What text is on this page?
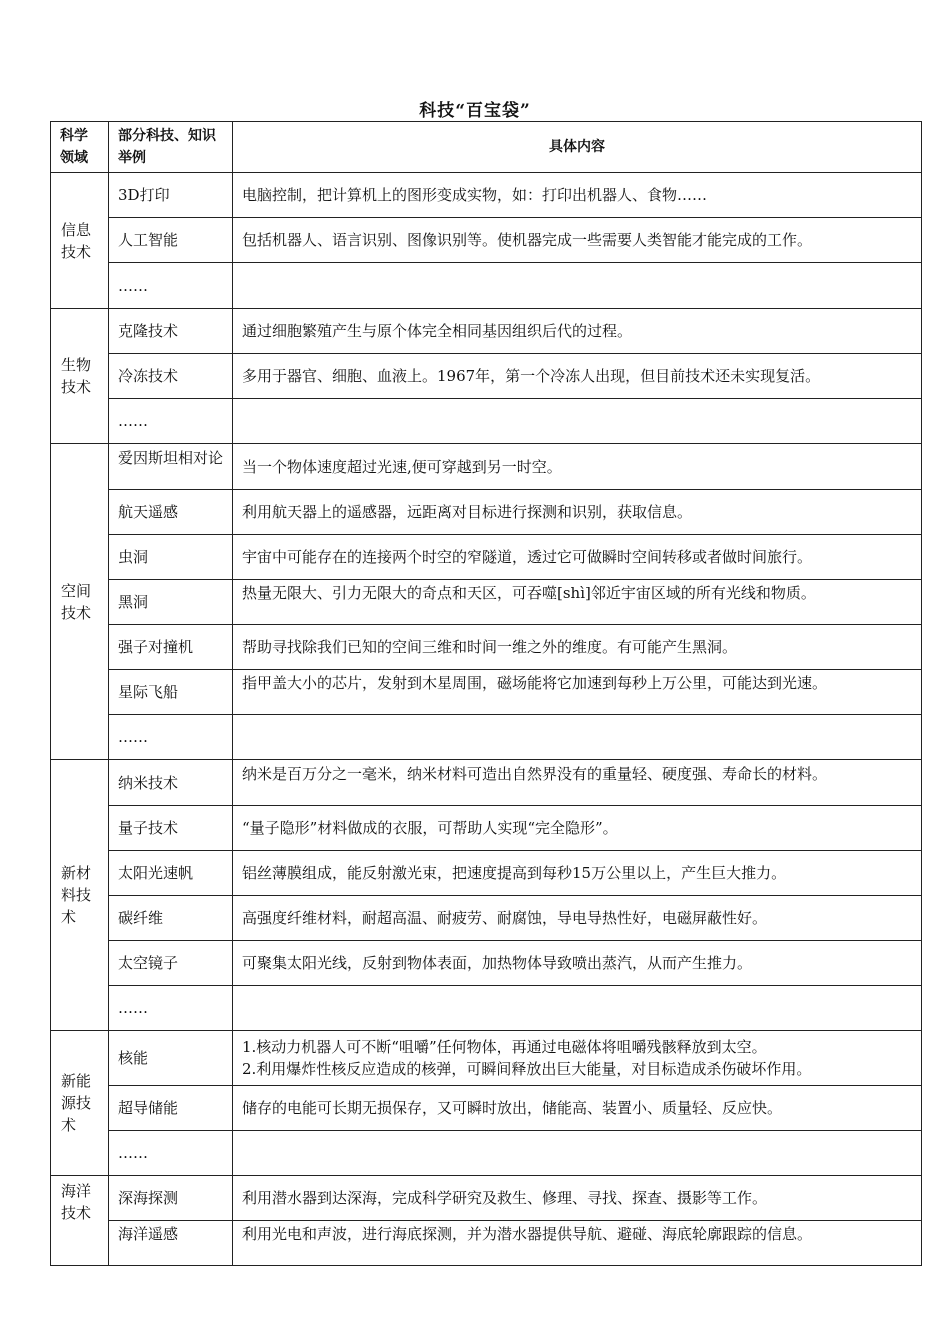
科技“百宝袋”
科学领域	部分科技、知识举例	具体内容
信息技术	3D打印	电脑控制，把计算机上的图形变成实物，如：打印出机器人、食物……
	人工智能	包括机器人、语言识别、图像识别等。使机器完成一些需要人类智能才能完成的工作。
	……	
生物技术	克隆技术	通过细胞繁殖产生与原个体完全相同基因组织后代的过程。
	冷冻技术	多用于器官、细胞、血液上。1967年，第一个冷冻人出现，但目前技术还未实现复活。
	……	
空间技术	爱因斯坦相对论	当一个物体速度超过光速,便可穿越到另一时空。
	航天遥感	利用航天器上的遥感器，远距离对目标进行探测和识别，获取信息。
	虫洞	宇宙中可能存在的连接两个时空的窄隧道，透过它可做瞬时空间转移或者做时间旅行。
	黑洞	热量无限大、引力无限大的奇点和天区，可吞噬[shì]邻近宇宙区域的所有光线和物质。

	强子对撞机	帮助寻找除我们已知的空间三维和时间一维之外的维度。有可能产生黑洞。
	星际飞船	指甲盖大小的芯片，发射到木星周围，磁场能将它加速到每秒上万公里，可能达到光速。

	……	
新材料技术	纳米技术	纳米是百万分之一毫米，纳米材料可造出自然界没有的重量轻、硬度强、寿命长的材料。

	量子技术	“量子隐形”材料做成的衣服，可帮助人实现“完全隐形”。
	太阳光速帆	铝丝薄膜组成，能反射激光束，把速度提高到每秒15万公里以上，产生巨大推力。
	碳纤维	高强度纤维材料，耐超高温、耐疲劳、耐腐蚀，导电导热性好，电磁屏蔽性好。
	太空镜子	可聚集太阳光线，反射到物体表面，加热物体导致喷出蒸汽，从而产生推力。
	……	
新能源技术	核能	1.核动力机器人可不断“咀嚼”任何物体，再通过电磁体将咀嚼残骸释放到太空。
2.利用爆炸性核反应造成的核弹，可瞬间释放出巨大能量，对目标造成杀伤破坏作用。

	超导储能	储存的电能可长期无损保存，又可瞬时放出，储能高、装置小、质量轻、反应快。
	……	
海洋技术	深海探测	利用潜水器到达深海，完成科学研究及救生、修理、寻找、探查、摄影等工作。
	海洋遥感	利用光电和声波，进行海底探测，并为潜水器提供导航、避碰、海底轮廓跟踪的信息。
